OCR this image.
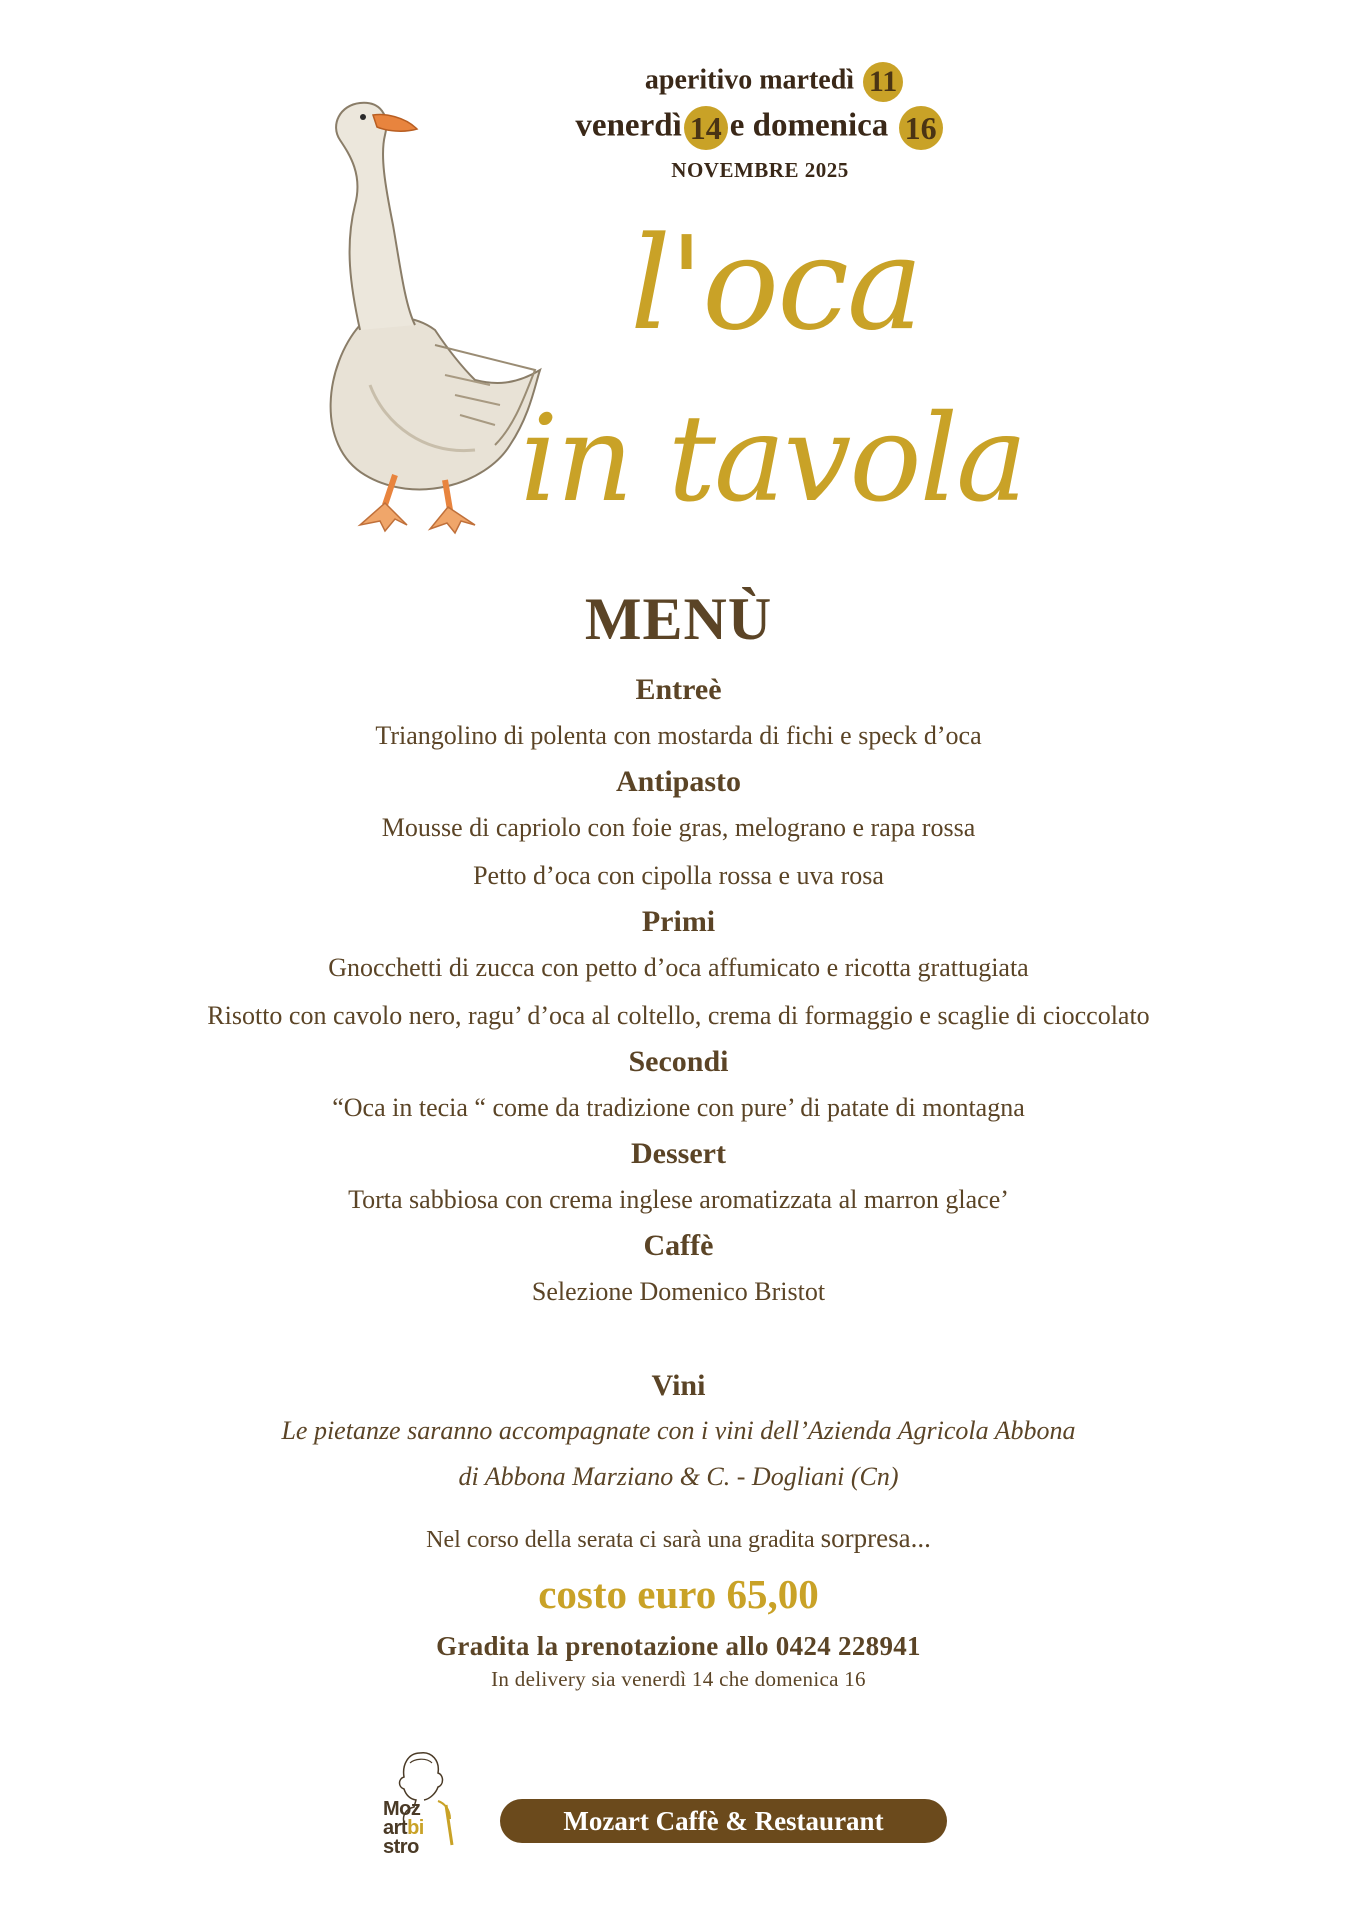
aperitivo martedì 11
venerdì 14 e domenica 16
NOVEMBRE 2025
l'oca
in tavola
MENÙ
Entreè
Triangolino di polenta con mostarda di fichi e speck d’oca
Antipasto
Mousse di capriolo con foie gras, melograno e rapa rossa
Petto d’oca con cipolla rossa e uva rosa
Primi
Gnocchetti di zucca con petto d’oca affumicato e ricotta grattugiata
Risotto con cavolo nero, ragu’ d’oca al coltello, crema di formaggio e scaglie di cioccolato
Secondi
“Oca in tecia “ come da tradizione con pure’ di patate di montagna
Dessert
Torta sabbiosa con crema inglese aromatizzata al marron glace’
Caffè
Selezione Domenico Bristot
Vini
Le pietanze saranno accompagnate con i vini dell’Azienda Agricola Abbona
di Abbona Marziano & C. - Dogliani (Cn)
Nel corso della serata ci sarà una gradita sorpresa...
costo euro 65,00
Gradita la prenotazione allo 0424 228941
In delivery sia venerdì 14 che domenica 16
Moz
artbi
stro
Mozart Caffè & Restaurant
